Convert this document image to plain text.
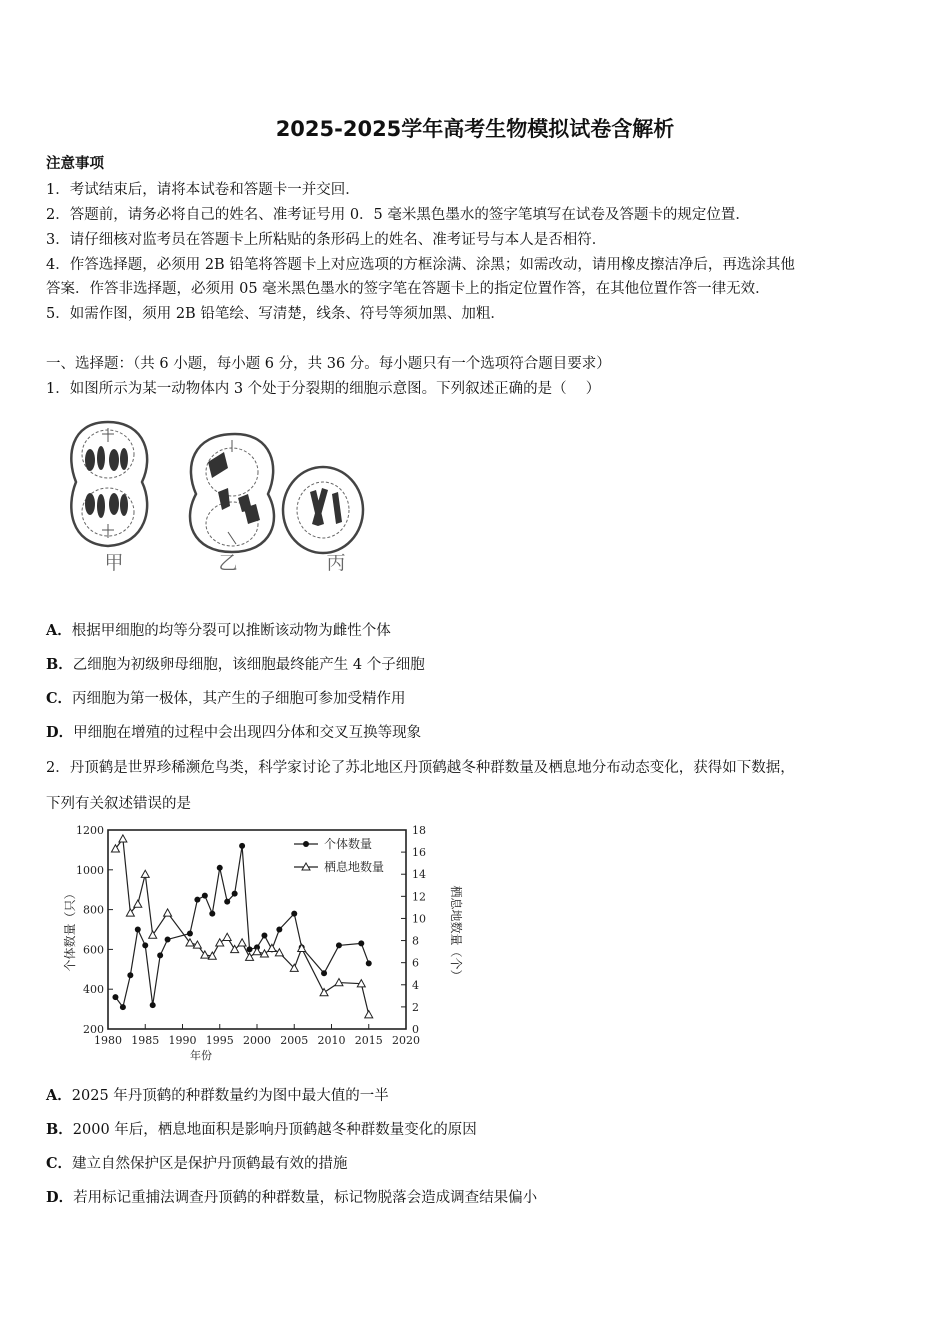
2025-2025学年高考生物模拟试卷含解析
注意事项
1．考试结束后，请将本试卷和答题卡一并交回．
2．答题前，请务必将自己的姓名、准考证号用 0．5 毫米黑色墨水的签字笔填写在试卷及答题卡的规定位置．
3．请仔细核对监考员在答题卡上所粘贴的条形码上的姓名、准考证号与本人是否相符．
4．作答选择题，必须用 2B 铅笔将答题卡上对应选项的方框涂满、涂黑；如需改动，请用橡皮擦洁净后，再选涂其他
答案．作答非选择题，必须用 05 毫米黑色墨水的签字笔在答题卡上的指定位置作答，在其他位置作答一律无效．
5．如需作图，须用 2B 铅笔绘、写清楚，线条、符号等须加黑、加粗．
一、选择题：（共 6 小题，每小题 6 分，共 36 分。每小题只有一个选项符合题目要求）
1．如图所示为某一动物体内 3 个处于分裂期的细胞示意图。下列叙述正确的是（　 ）
甲	乙	丙
A．根据甲细胞的均等分裂可以推断该动物为雌性个体
B．乙细胞为初级卵母细胞，该细胞最终能产生 4 个子细胞
C．丙细胞为第一极体，其产生的子细胞可参加受精作用
D．甲细胞在增殖的过程中会出现四分体和交叉互换等现象
2．丹顶鹤是世界珍稀濒危鸟类，科学家讨论了苏北地区丹顶鹤越冬种群数量及栖息地分布动态变化，获得如下数据，
下列有关叙述错误的是
200
400
600
800
1000
1200
0
2
4
6
8
10
12
14
16
18
1980 1985 1990 1995 2000 2005 2010 2015 2020
年份
个体数量（只）	栖息地数量（个）
个体数量
栖息地数量
A．2025 年丹顶鹤的种群数量约为图中最大值的一半
B．2000 年后，栖息地面积是影响丹顶鹤越冬种群数量变化的原因
C．建立自然保护区是保护丹顶鹤最有效的措施
D．若用标记重捕法调查丹顶鹤的种群数量，标记物脱落会造成调查结果偏小
